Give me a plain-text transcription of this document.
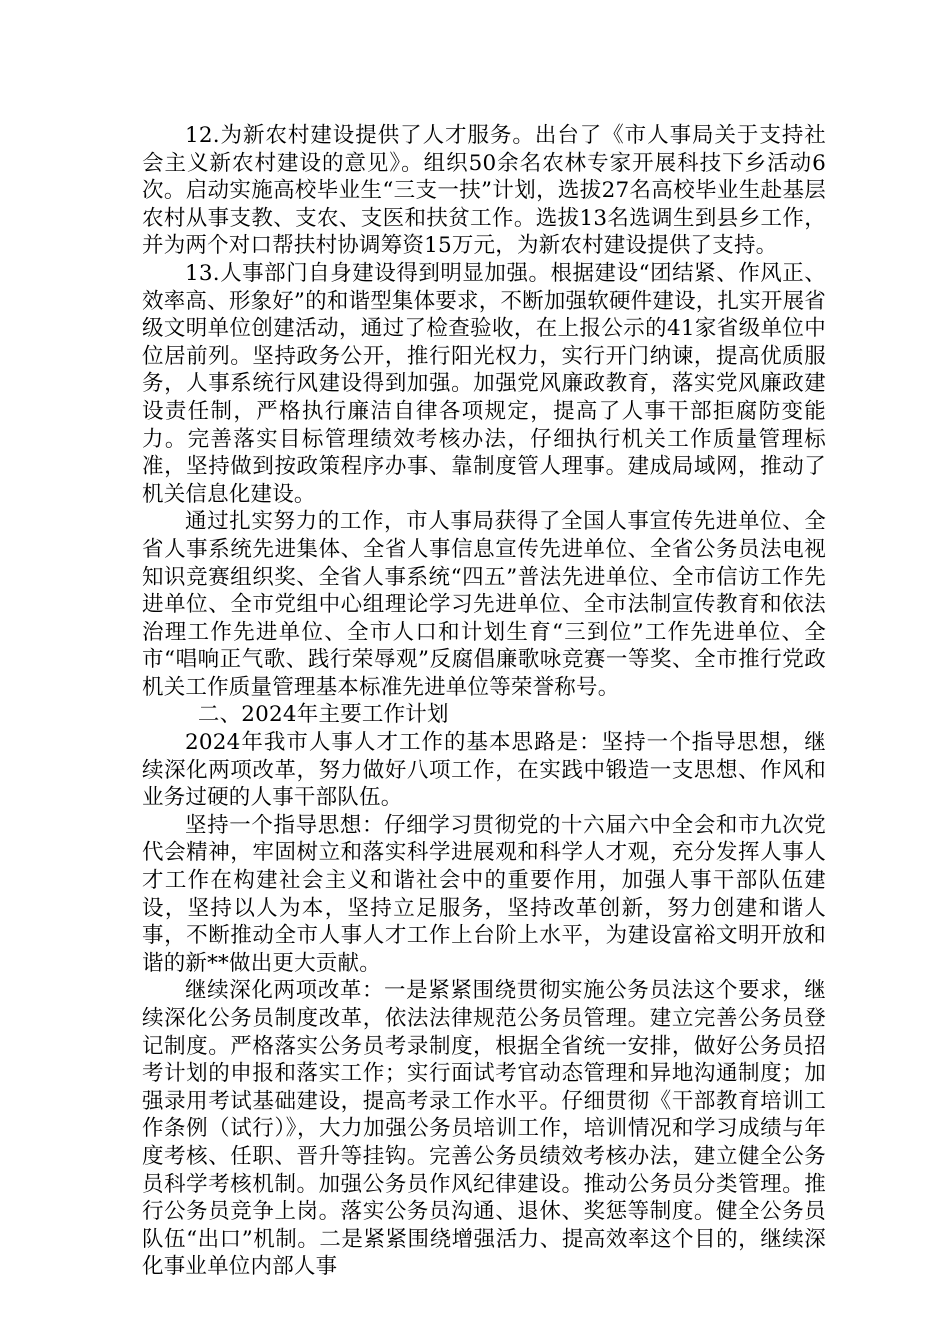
12.为新农村建设提供了人才服务。出台了《市人事局关于支持社会主义新农村建设的意见》。组织50余名农林专家开展科技下乡活动6次。启动实施高校毕业生“三支一扶”计划，选拔27名高校毕业生赴基层农村从事支教、支农、支医和扶贫工作。选拔13名选调生到县乡工作，并为两个对口帮扶村协调筹资15万元，为新农村建设提供了支持。

13.人事部门自身建设得到明显加强。根据建设“团结紧、作风正、效率高、形象好”的和谐型集体要求，不断加强软硬件建设，扎实开展省级文明单位创建活动，通过了检查验收，在上报公示的41家省级单位中位居前列。坚持政务公开，推行阳光权力，实行开门纳谏，提高优质服务，人事系统行风建设得到加强。加强党风廉政教育，落实党风廉政建设责任制，严格执行廉洁自律各项规定，提高了人事干部拒腐防变能力。完善落实目标管理绩效考核办法，仔细执行机关工作质量管理标准，坚持做到按政策程序办事、靠制度管人理事。建成局域网，推动了机关信息化建设。

通过扎实努力的工作，市人事局获得了全国人事宣传先进单位、全省人事系统先进集体、全省人事信息宣传先进单位、全省公务员法电视知识竞赛组织奖、全省人事系统“四五”普法先进单位、全市信访工作先进单位、全市党组中心组理论学习先进单位、全市法制宣传教育和依法治理工作先进单位、全市人口和计划生育“三到位”工作先进单位、全市“唱响正气歌、践行荣辱观”反腐倡廉歌咏竞赛一等奖、全市推行党政机关工作质量管理基本标准先进单位等荣誉称号。

二、2024年主要工作计划

2024年我市人事人才工作的基本思路是：坚持一个指导思想，继续深化两项改革，努力做好八项工作，在实践中锻造一支思想、作风和业务过硬的人事干部队伍。

坚持一个指导思想：仔细学习贯彻党的十六届六中全会和市九次党代会精神，牢固树立和落实科学进展观和科学人才观，充分发挥人事人才工作在构建社会主义和谐社会中的重要作用，加强人事干部队伍建设，坚持以人为本，坚持立足服务，坚持改革创新，努力创建和谐人事，不断推动全市人事人才工作上台阶上水平，为建设富裕文明开放和谐的新**做出更大贡献。

继续深化两项改革：一是紧紧围绕贯彻实施公务员法这个要求，继续深化公务员制度改革，依法法律规范公务员管理。建立完善公务员登记制度。严格落实公务员考录制度，根据全省统一安排，做好公务员招考计划的申报和落实工作；实行面试考官动态管理和异地沟通制度；加强录用考试基础建设，提高考录工作水平。仔细贯彻《干部教育培训工作条例（试行）》，大力加强公务员培训工作，培训情况和学习成绩与年度考核、任职、晋升等挂钩。完善公务员绩效考核办法，建立健全公务员科学考核机制。加强公务员作风纪律建设。推动公务员分类管理。推行公务员竞争上岗。落实公务员沟通、退休、奖惩等制度。健全公务员队伍“出口”机制。二是紧紧围绕增强活力、提高效率这个目的，继续深化事业单位内部人事
